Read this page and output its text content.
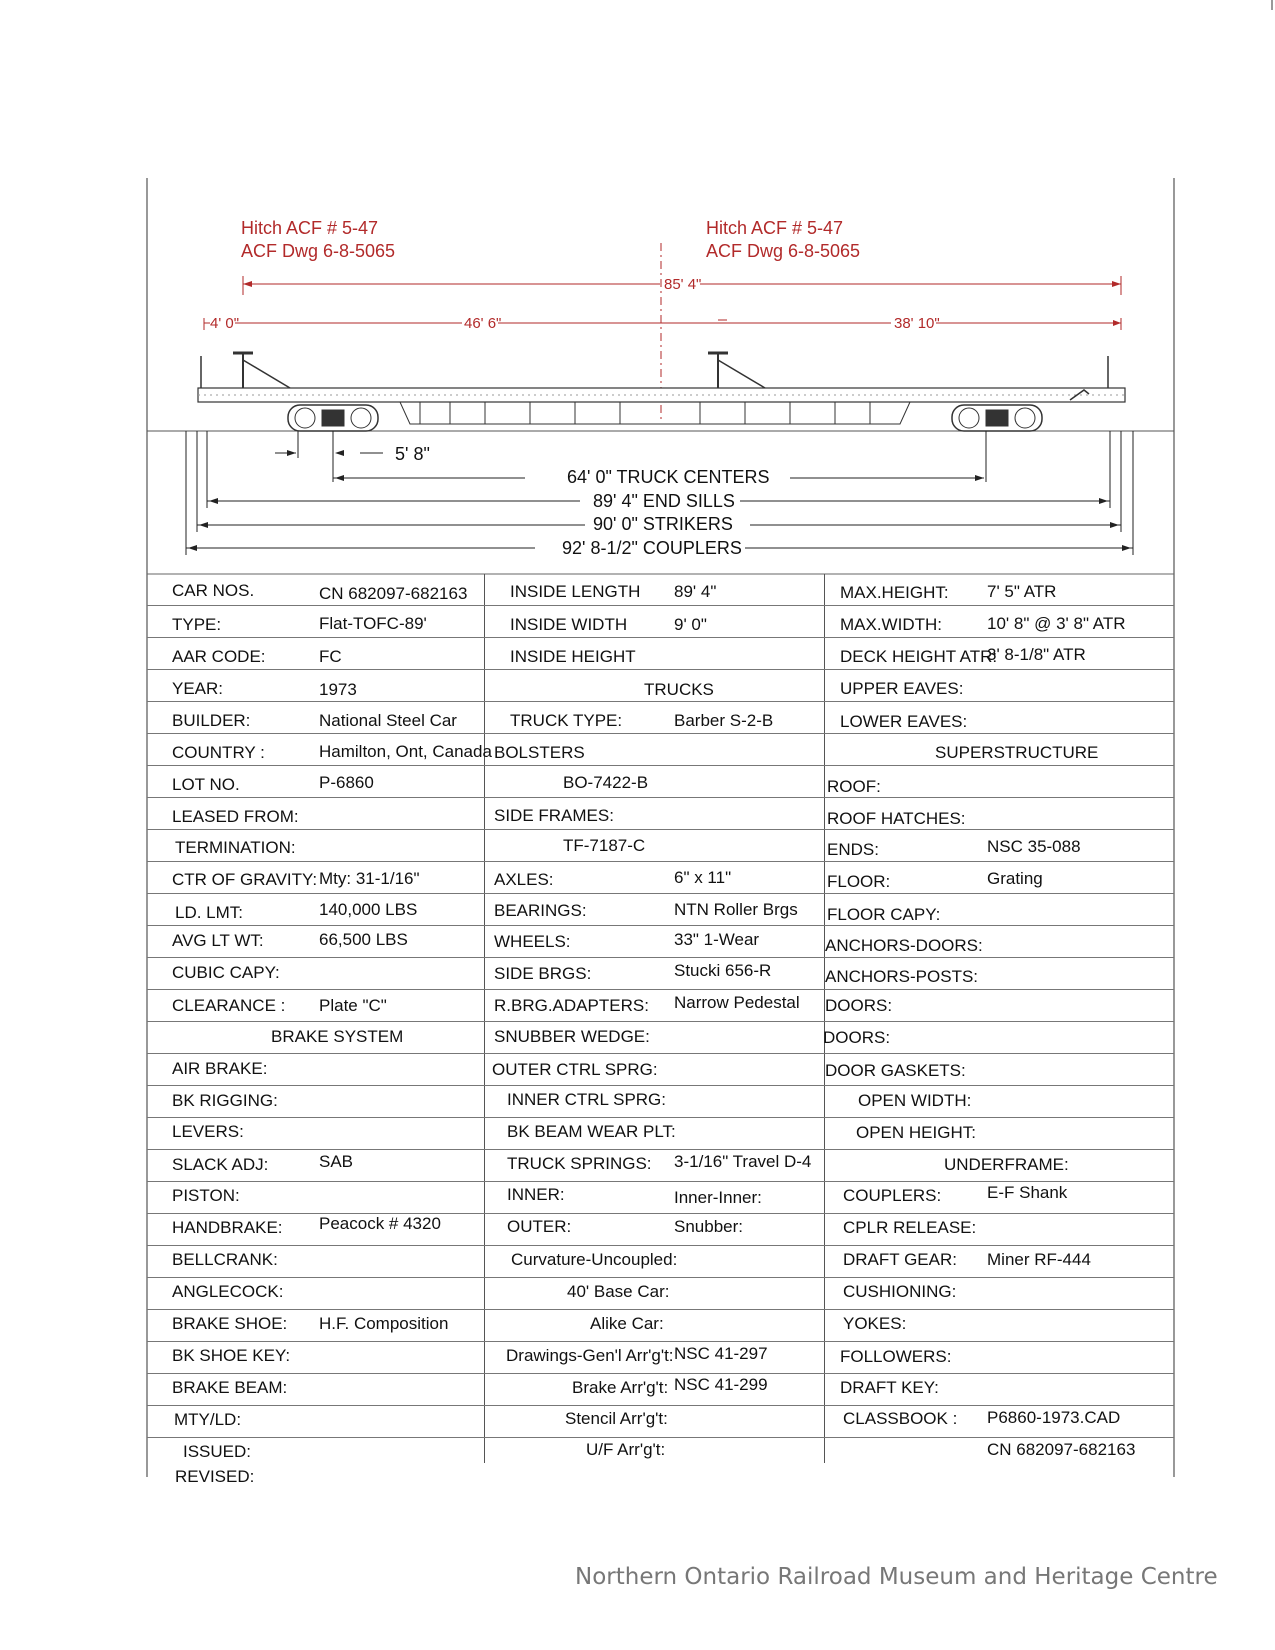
Hitch ACF # 5-47
ACF Dwg 6-8-5065
Hitch ACF # 5-47
ACF Dwg 6-8-5065
85' 4"
4' 0"	46' 6"	38' 10"
5' 8"
64' 0" TRUCK CENTERS
89' 4" END SILLS
90' 0" STRIKERS
92' 8-1/2" COUPLERS
CAR NOS.	CN 682097-682163
TYPE:	Flat-TOFC-89'
AAR CODE:	FC
YEAR:	1973
BUILDER:	National Steel Car
COUNTRY :	Hamilton, Ont, Canada
LOT NO.	P-6860
LEASED FROM:
TERMINATION:
CTR OF GRAVITY: Mty: 31-1/16"
LD. LMT:	140,000 LBS
AVG LT WT:	66,500 LBS
CUBIC CAPY:
CLEARANCE : Plate "C"
BRAKE SYSTEM
AIR BRAKE:
BK RIGGING:
LEVERS:
SLACK ADJ:	SAB
PISTON:
HANDBRAKE: Peacock # 4320
BELLCRANK:
ANGLECOCK:
BRAKE SHOE: H.F. Composition
BK SHOE KEY:
BRAKE BEAM:
MTY/LD:
ISSUED:
REVISED:
INSIDE LENGTH 89' 4"
INSIDE WIDTH	9' 0"
INSIDE HEIGHT
TRUCKS
TRUCK TYPE:	Barber S-2-B
BOLSTERS
BO-7422-B
SIDE FRAMES:
TF-7187-C
AXLES:	6" x 11"
BEARINGS:	NTN Roller Brgs
WHEELS:	33" 1-Wear
SIDE BRGS:	Stucki 656-R
R.BRG.ADAPTERS: Narrow Pedestal
SNUBBER WEDGE:
OUTER CTRL SPRG:
INNER CTRL SPRG:
BK BEAM WEAR PLT:
TRUCK SPRINGS: 3-1/16" Travel D-4
INNER:	Inner-Inner:
OUTER:	Snubber:
Curvature-Uncoupled:
40' Base Car:
Alike Car:
Drawings-Gen'l Arr'g't: NSC 41-297
Brake Arr'g't: NSC 41-299
Stencil Arr'g't:
U/F Arr'g't:
MAX.HEIGHT: 7' 5" ATR
MAX.WIDTH:	10' 8" @ 3' 8" ATR
DECK HEIGHT ATR:
3' 8-1/8" ATR
UPPER EAVES:
LOWER EAVES:
SUPERSTRUCTURE
ROOF:
ROOF HATCHES:
ENDS:	NSC 35-088
FLOOR:	Grating
FLOOR CAPY:
ANCHORS-DOORS:
ANCHORS-POSTS:
DOORS:
DOORS:
DOOR GASKETS:
OPEN WIDTH:
OPEN HEIGHT:
UNDERFRAME:
COUPLERS:	E-F Shank
CPLR RELEASE:
DRAFT GEAR: Miner RF-444
CUSHIONING:
YOKES:
FOLLOWERS:
DRAFT KEY:
CLASSBOOK : P6860-1973.CAD
CN 682097-682163
Northern Ontario Railroad Museum and Heritage Centre
